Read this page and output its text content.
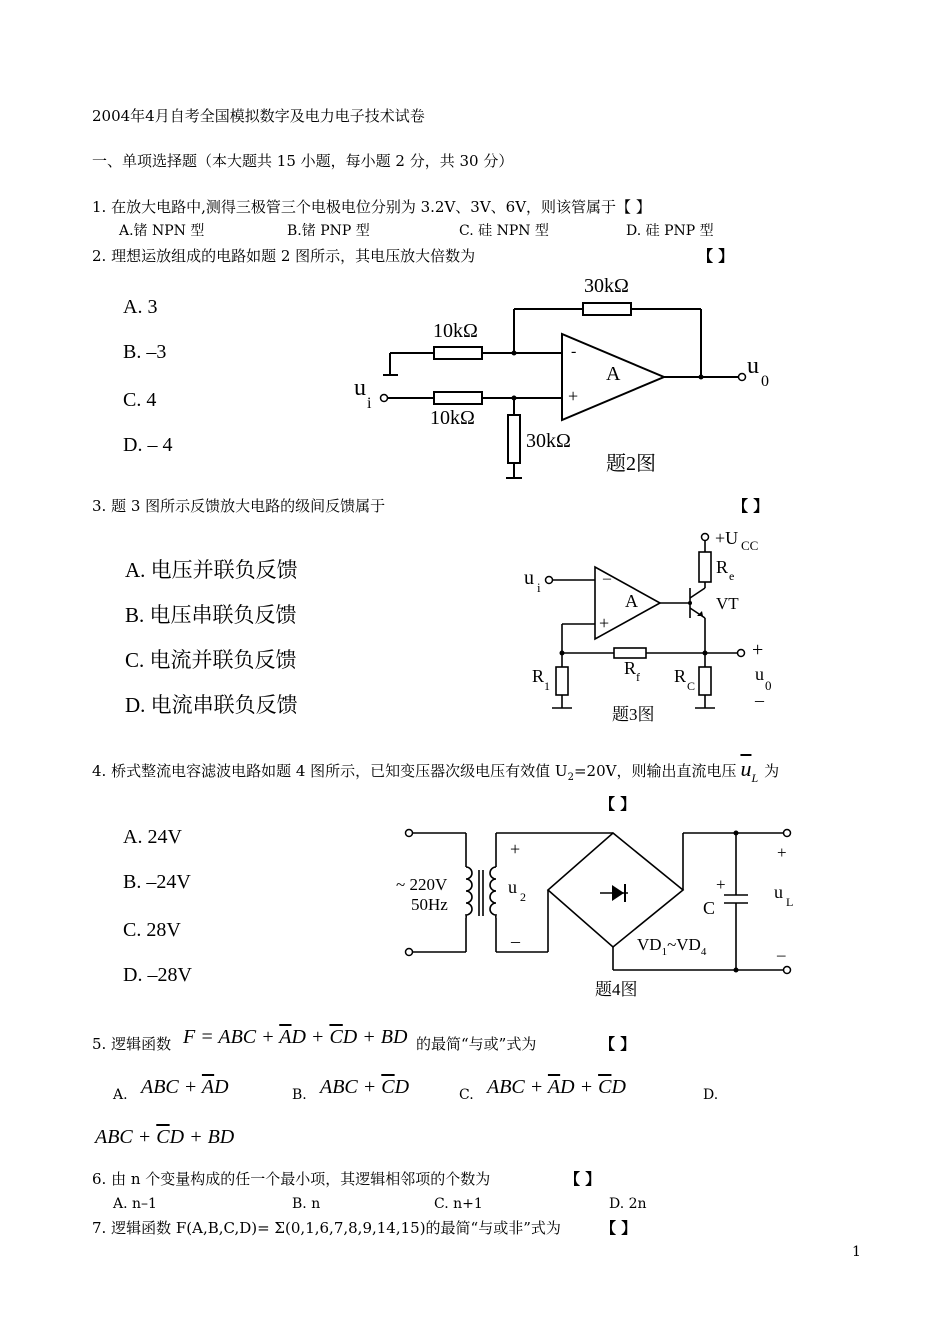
2004年4月自考全国模拟数字及电力电子技术试卷
一、单项选择题（本大题共 15 小题，每小题 2 分，共 30 分）
1. 在放大电路中,测得三极管三个电极电位分别为 3.2V、3V、6V，则该管属于【 】
A.锗 NPN 型	B.锗 PNP 型	C. 硅 NPN 型	D. 硅 PNP 型
2. 理想运放组成的电路如题 2 图所示，其电压放大倍数为	【 】
A. 3
B. –3
C. 4
D. – 4
30kΩ
10kΩ
10kΩ
30kΩ
-
+
A
u
i
u
0
题2图
3. 题 3 图所示反馈放大电路的级间反馈属于	【 】
A. 电压并联负反馈
B. 电压串联负反馈
C. 电流并联负反馈
D. 电流串联负反馈
+U CC
R e
VT
A
–
+
u i
R f
R 1	R C
+
u
0
–
题3图
4. 桥式整流电容滤波电路如题 4 图所示，已知变压器次级电压有效值 $U_2=20V$，则输出直流电压 $\overline{u}_L$ 为
【 】
A. 24V
B. –24V
C. 28V
D. –28V
~ 220V
50Hz
u 2
+
–
+
C
$VD_1\sim VD_4$
+
u L
–
题4图
5. 逻辑函数 F = ABC + $\overline{A}D + \overline{C}D$ + BD 的最简“与或”式为	【 】
A. ABC + $\overline{A}D$	B. ABC + $\overline{C}D$	C. ABC + $\overline{A}D + \overline{C}D$	D.
ABC + $\overline{C}D$ + BD
6. 由 n 个变量构成的任一个最小项，其逻辑相邻项的个数为	【 】
A. n–1	B. n	C. n+1	D. 2n
7. 逻辑函数 F(A,B,C,D)= Σ(0,1,6,7,8,9,14,15)的最简“与或非”式为	【 】
1
